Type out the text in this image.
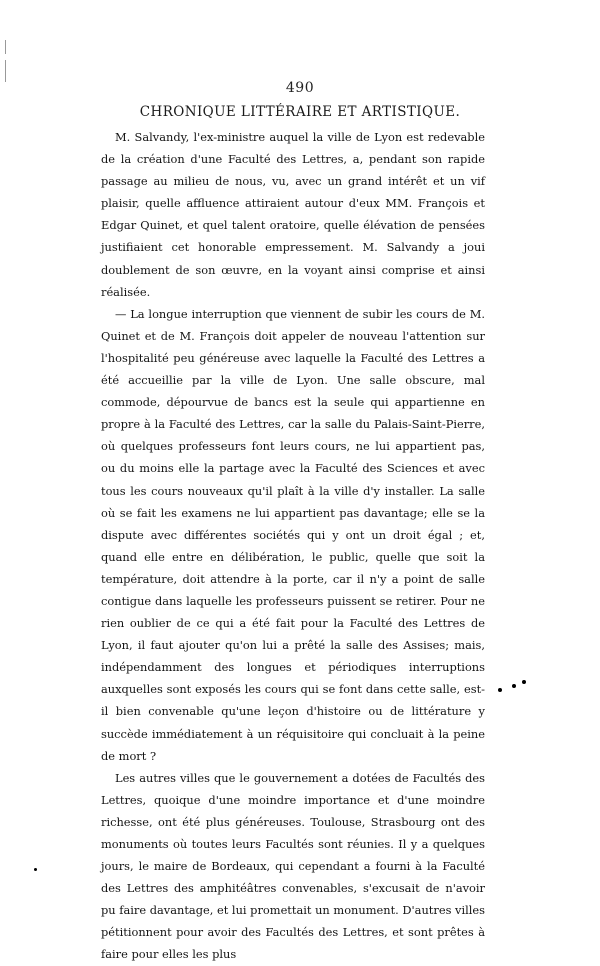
490
CHRONIQUE LITTÉRAIRE ET ARTISTIQUE.

M. Salvandy, l'ex-ministre auquel la ville de Lyon est redevable de la création d'une Faculté des Lettres, a, pendant son rapide passage au milieu de nous, vu, avec un grand intérêt et un vif plaisir, quelle affluence attiraient autour d'eux MM. François et Edgar Quinet, et quel talent oratoire, quelle élévation de pensées justifiaient cet honorable empressement. M. Salvandy a joui doublement de son œuvre, en la voyant ainsi comprise et ainsi réalisée.

— La longue interruption que viennent de subir les cours de M. Quinet et de M. François doit appeler de nouveau l'attention sur l'hospitalité peu généreuse avec laquelle la Faculté des Lettres a été accueillie par la ville de Lyon. Une salle obscure, mal commode, dépourvue de bancs est la seule qui appartienne en propre à la Faculté des Lettres, car la salle du Palais-Saint-Pierre, où quelques professeurs font leurs cours, ne lui appartient pas, ou du moins elle la partage avec la Faculté des Sciences et avec tous les cours nouveaux qu'il plaît à la ville d'y installer. La salle où se fait les examens ne lui appartient pas davantage; elle se la dispute avec différentes sociétés qui y ont un droit égal ; et, quand elle entre en délibération, le public, quelle que soit la température, doit attendre à la porte, car il n'y a point de salle contigue dans laquelle les professeurs puissent se retirer. Pour ne rien oublier de ce qui a été fait pour la Faculté des Lettres de Lyon, il faut ajouter qu'on lui a prêté la salle des Assises; mais, indépendamment des longues et périodiques interruptions auxquelles sont exposés les cours qui se font dans cette salle, est-il bien convenable qu'une leçon d'histoire ou de littérature y succède immédiatement à un réquisitoire qui concluait à la peine de mort ?

Les autres villes que le gouvernement a dotées de Facultés des Lettres, quoique d'une moindre importance et d'une moindre richesse, ont été plus généreuses. Toulouse, Strasbourg ont des monuments où toutes leurs Facultés sont réunies. Il y a quelques jours, le maire de Bordeaux, qui cependant a fourni à la Faculté des Lettres des amphitéâtres convenables, s'excusait de n'avoir pu faire davantage, et lui promettait un monument. D'autres villes pétitionnent pour avoir des Facultés des Lettres, et sont prêtes à faire pour elles les plus
